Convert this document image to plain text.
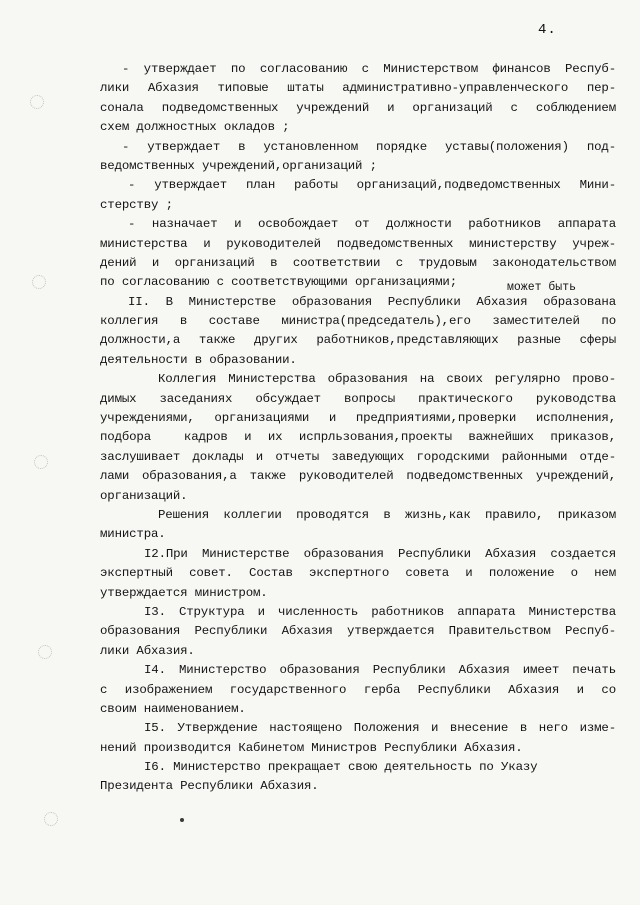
4.
- утверждает по согласованию с Министерством финансов Респуб-
лики Абхазия типовые штаты административно-управленческого пер-
сонала подведомственных учреждений и организаций с соблюдением
схем должностных окладов ;
- утверждает в установленном порядке уставы(положения) под-
ведомственных учреждений,организаций ;
- утверждает план работы организаций,подведомственных Мини-
стерству ;
- назначает и освобождает от должности работников аппарата
министерства и руководителей подведомственных министерству учреж-
дений и организаций в соответствии с трудовым законодательством
по согласованию с соответствующими организациями;
II. В Министерстве образования Республики Абхазия образована
коллегия в составе министра(председатель),его заместителей по
должности,а также других работников,представляющих разные сферы
деятельности в образовании.
Коллегия Министерства образования на своих регулярно прово-
димых заседаниях обсуждает вопросы практического руководства
учреждениями, организациями и предприятиями,проверки исполнения,
подбора  кадров и их испрльзования,проекты важнейших приказов,
заслушивает доклады и отчеты заведующих городскими районными отде-
лами образования,а также руководителей подведомственных учреждений,
организаций.
Решения коллегии проводятся в жизнь,как правило, приказом
министра.
I2.При Министерстве образования Республики Абхазия создается
экспертный совет. Состав экспертного совета и положение о нем
утверждается министром.
I3. Структура и численность работников аппарата Министерства
образования Республики Абхазия утверждается Правительством Респуб-
лики Абхазия.
I4. Министерство образования Республики Абхазия имеет печать
с изображением государственного герба Республики Абхазия и со
своим наименованием.
I5. Утверждение настоящено Положения и внесение в него изме-
нений производится Кабинетом Министров Республики Абхазия.
I6. Министерство прекращает свою деятельность по Указу
Президента Республики Абхазия.
может быть
